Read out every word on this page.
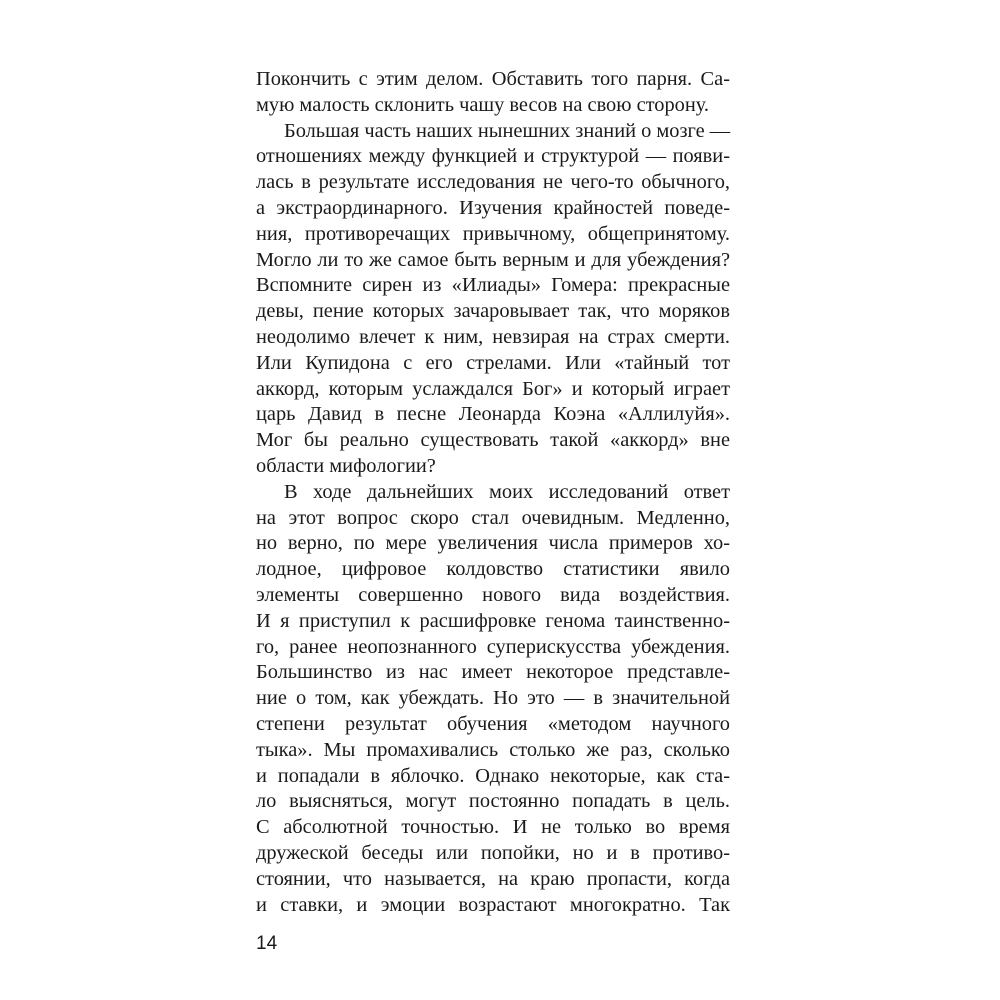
Покончить с этим делом. Обставить того парня. Са-
мую малость склонить чашу весов на свою сторону.
Большая часть наших нынешних знаний о мозге —
отношениях между функцией и структурой — появи-
лась в результате исследования не чего-то обычного,
а экстраординарного. Изучения крайностей поведе-
ния, противоречащих привычному, общепринятому.
Могло ли то же самое быть верным и для убеждения?
Вспомните сирен из «Илиады» Гомера: прекрасные
девы, пение которых зачаровывает так, что моряков
неодолимо влечет к ним, невзирая на страх смерти.
Или Купидона с его стрелами. Или «тайный тот
аккорд, которым услаждался Бог» и который играет
царь Давид в песне Леонарда Коэна «Аллилуйя».
Мог бы реально существовать такой «аккорд» вне
области мифологии?
В ходе дальнейших моих исследований ответ
на этот вопрос скоро стал очевидным. Медленно,
но верно, по мере увеличения числа примеров хо-
лодное, цифровое колдовство статистики явило
элементы совершенно нового вида воздействия.
И я приступил к расшифровке генома таинственно-
го, ранее неопознанного суперискусства убеждения.
Большинство из нас имеет некоторое представле-
ние о том, как убеждать. Но это — в значительной
степени результат обучения «методом научного
тыка». Мы промахивались столько же раз, сколько
и попадали в яблочко. Однако некоторые, как ста-
ло выясняться, могут постоянно попадать в цель.
С абсолютной точностью. И не только во время
дружеской беседы или попойки, но и в противо-
стоянии, что называется, на краю пропасти, когда
и ставки, и эмоции возрастают многократно. Так
14
